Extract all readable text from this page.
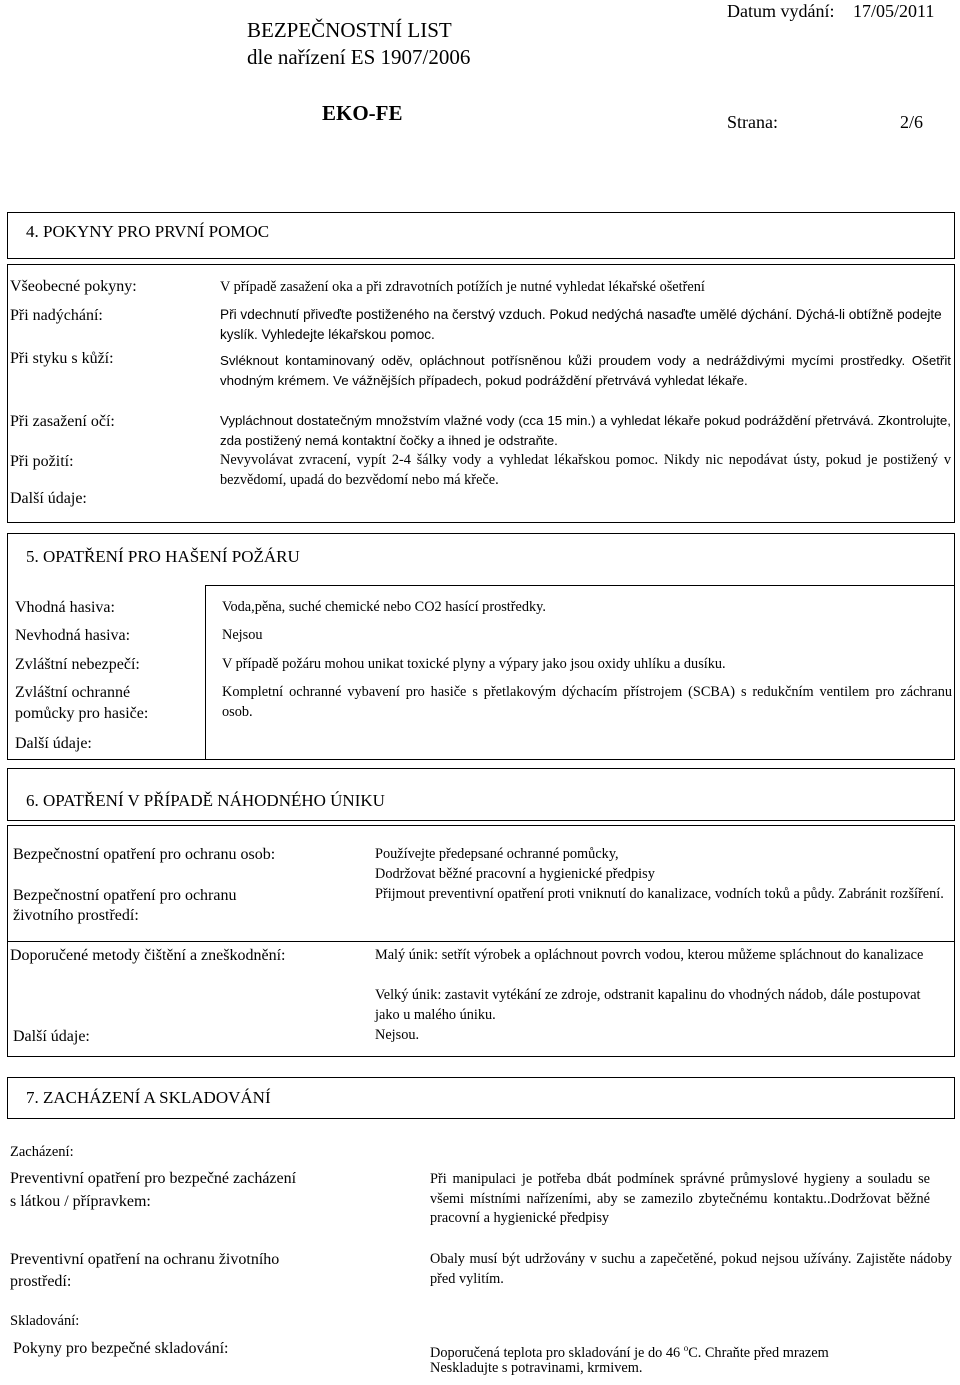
BEZPEČNOSTNÍ LIST
dle nařízení ES 1907/2006
EKO-FE
Datum vydání: 17/05/2011
Strana:	2/6
4. POKYNY PRO PRVNÍ POMOC
Všeobecné pokyny:
Při nadýchání:
Při styku s kůží:
Při zasažení očí:
Při požití:
Další údaje:
V případě zasažení oka a při zdravotních potížích je nutné vyhledat lékařské ošetření
Při vdechnutí přiveďte postiženého na čerstvý vzduch. Pokud nedýchá nasaďte umělé dýchání. Dýchá-li obtížně podejte kyslík. Vyhledejte lékařskou pomoc.
Svléknout kontaminovaný oděv, opláchnout potřísněnou kůži proudem vody a nedráždivými mycími prostředky. Ošetřit vhodným krémem. Ve vážnějších případech, pokud podráždění přetrvává vyhledat lékaře.
Vypláchnout dostatečným množstvím vlažné vody (cca 15 min.) a vyhledat lékaře pokud podráždění přetrvává. Zkontrolujte, zda postižený nemá kontaktní čočky a ihned je odstraňte.
Nevyvolávat zvracení, vypít 2-4 šálky vody a vyhledat lékařskou pomoc. Nikdy nic nepodávat ústy, pokud je postižený v bezvědomí, upadá do bezvědomí nebo má křeče.
5. OPATŘENÍ PRO HAŠENÍ POŽÁRU
Vhodná hasiva:
Nevhodná hasiva:
Zvláštní nebezpečí:
Zvláštní ochranné
pomůcky pro hasiče:
Další údaje:
Voda,pěna, suché chemické nebo CO2 hasící prostředky.
Nejsou
V případě požáru mohou unikat toxické plyny a výpary jako jsou oxidy uhlíku a dusíku.
Kompletní ochranné vybavení pro hasiče s přetlakovým dýchacím přístrojem (SCBA) s redukčním ventilem pro záchranu osob.
6. OPATŘENÍ V PŘÍPADĚ NÁHODNÉHO ÚNIKU
Bezpečnostní opatření pro ochranu osob:
Bezpečnostní opatření pro ochranu
životního prostředí:
Doporučené metody čištění a zneškodnění:
Další údaje:
Používejte předepsané ochranné pomůcky,
Dodržovat běžné pracovní a hygienické předpisy
Přijmout preventivní opatření proti vniknutí do kanalizace, vodních toků a půdy. Zabránit rozšíření.
Malý únik: setřít výrobek a opláchnout povrch vodou, kterou můžeme spláchnout do kanalizace
Velký únik: zastavit vytékání ze zdroje, odstranit kapalinu do vhodných nádob, dále postupovat jako u malého úniku.
Nejsou.
7. ZACHÁZENÍ A SKLADOVÁNÍ
Zacházení:
Preventivní opatření pro bezpečné zacházení
s látkou / přípravkem:
Při manipulaci je potřeba dbát podmínek správné průmyslové hygieny a souladu se všemi místními nařízeními, aby se zamezilo zbytečnému kontaktu..Dodržovat běžné pracovní a hygienické předpisy
Preventivní opatření na ochranu životního
prostředí:
Obaly musí být udržovány v suchu a zapečetěné, pokud nejsou užívány. Zajistěte nádoby před vylitím.
Skladování:
Pokyny pro bezpečné skladování:	Doporučená teplota pro skladování je do 46 $^o$C. Chraňte před mrazem
Neskladujte s potravinami, krmivem.
